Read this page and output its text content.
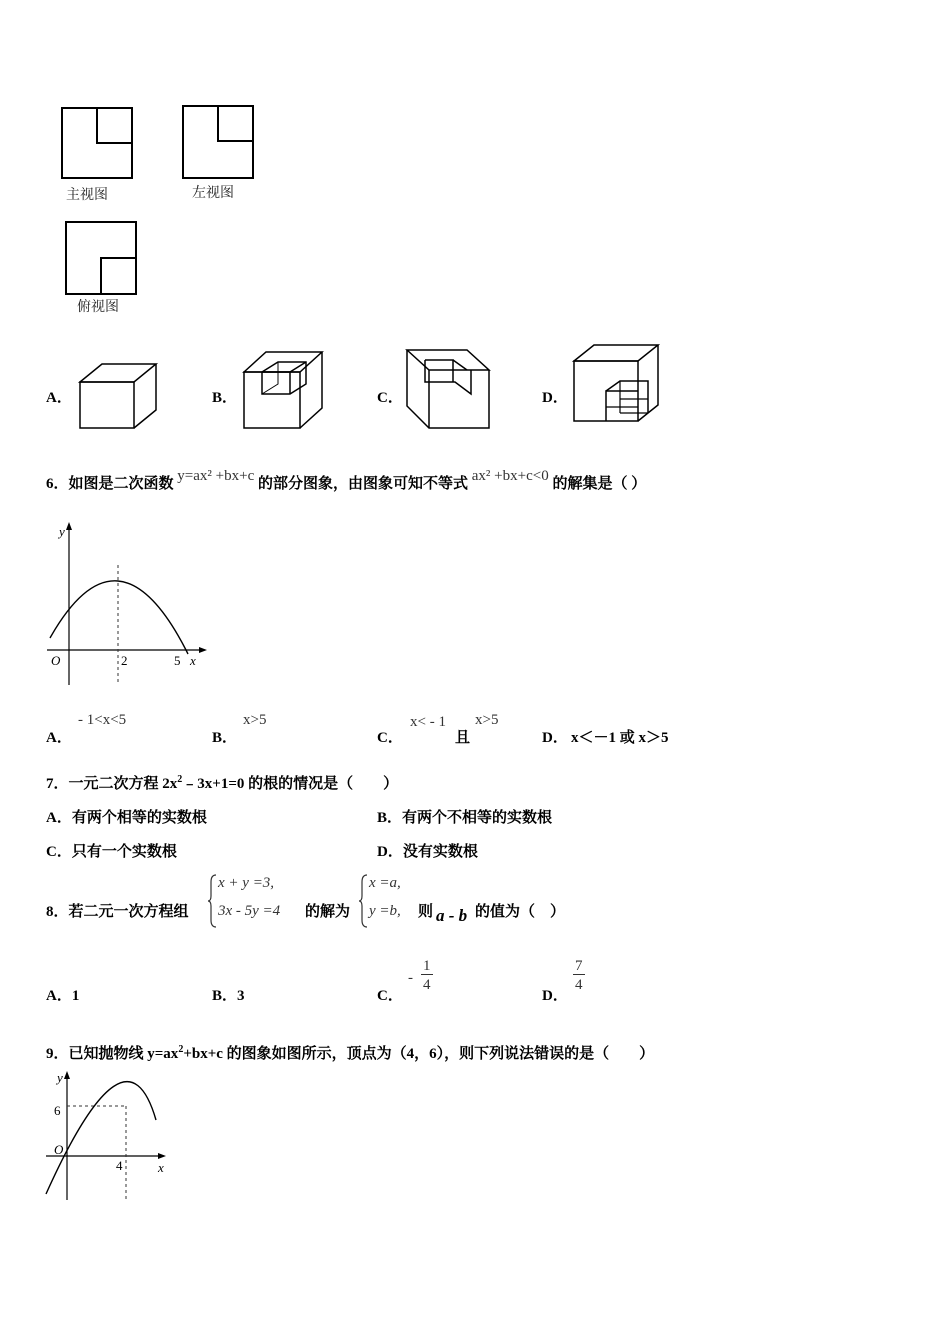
主视图	左视图
俯视图
A．	B．	C．	D．
6．如图是二次函数 y=ax² +bx+c 的部分图象，由图象可知不等式 ax² +bx+c<0 的解集是（ ）
y
O	2	5 x
A．
- 1<x<5
B．
x>5
C．
x< - 1
且
x>5
D． x＜－1 或 x＞5
7．一元二次方程 $2x^2﹣3x+1=0$ 的根的情况是（　　）
A．有两个相等的实数根	B．有两个不相等的实数根
C．只有一个实数根	D．没有实数根
8．若二元一次方程组
x + y =3,
3x - 5y =4 的解为
x =a,
y =b, 则 a - b 的值为（　）
A．1	B．3	C．
- $\frac{1}{4}$
D．
$\frac{7}{4}$
9．已知抛物线 $y=ax^2+bx+c$ 的图象如图所示，顶点为（4，6），则下列说法错误的是（　　）
y
6
O
4	x
